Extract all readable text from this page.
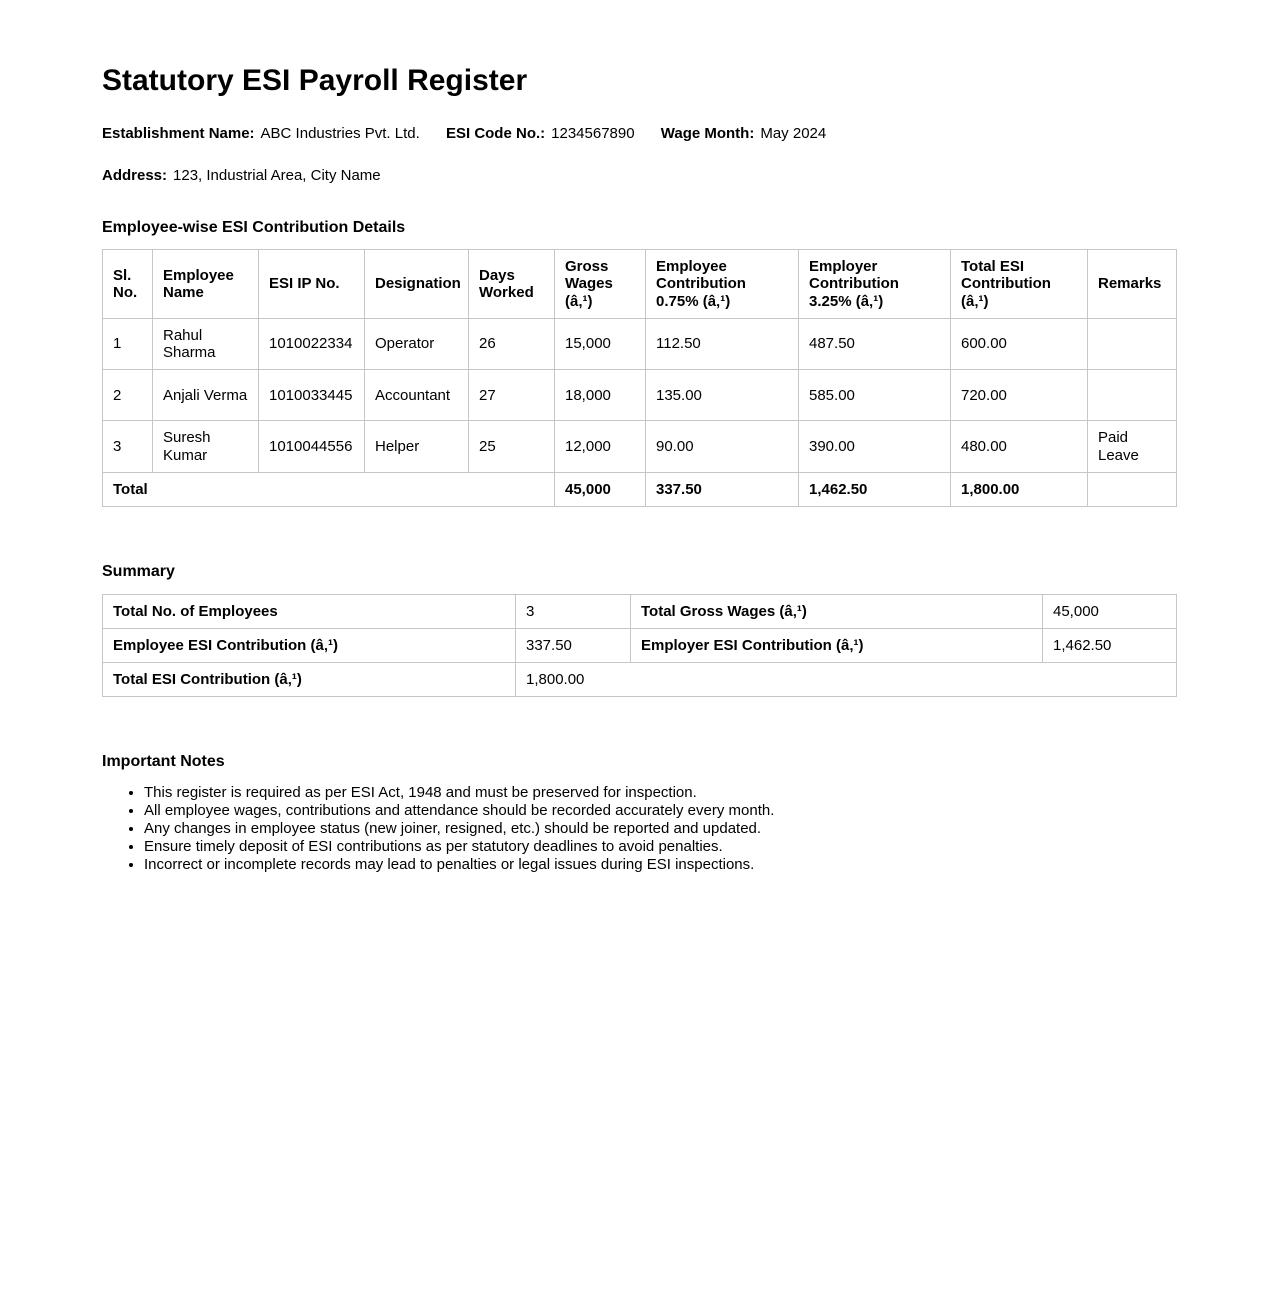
Statutory ESI Payroll Register

Establishment Name: ABC Industries Pvt. Ltd. ESI Code No.: 1234567890 Wage Month: May 2024

Address: 123, Industrial Area, City Name

Employee-wise ESI Contribution Details
Sl. No.	Employee Name	ESI IP No.	Designation	Days Worked	Gross Wages (â‚¹)	Employee Contribution 0.75% (â‚¹)	Employer Contribution 3.25% (â‚¹)	Total ESI Contribution (â‚¹)	Remarks
1	Rahul Sharma	1010022334	Operator	26	15,000	112.50	487.50	600.00	
2	Anjali Verma	1010033445	Accountant	27	18,000	135.00	585.00	720.00	
3	Suresh Kumar	1010044556	Helper	25	12,000	90.00	390.00	480.00	Paid Leave
Total					45,000	337.50	1,462.50	1,800.00	
Summary
Total No. of Employees	3	Total Gross Wages (â‚¹)	45,000
Employee ESI Contribution (â‚¹)	337.50	Employer ESI Contribution (â‚¹)	1,462.50
Total ESI Contribution (â‚¹)	1,800.00		
Important Notes
• This register is required as per ESI Act, 1948 and must be preserved for inspection.
• All employee wages, contributions and attendance should be recorded accurately every month.
• Any changes in employee status (new joiner, resigned, etc.) should be reported and updated.
• Ensure timely deposit of ESI contributions as per statutory deadlines to avoid penalties.
• Incorrect or incomplete records may lead to penalties or legal issues during ESI inspections.
